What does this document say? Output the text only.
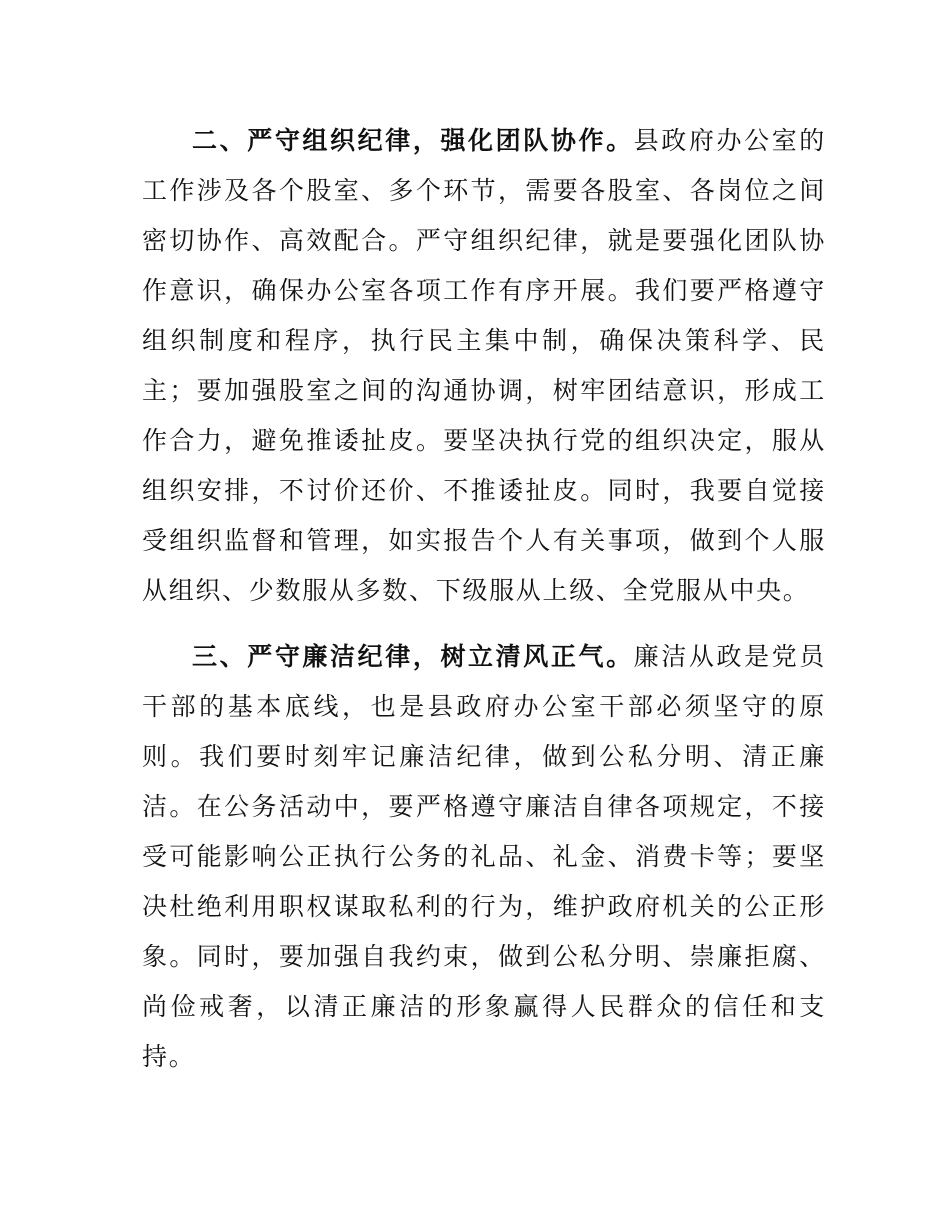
二、严守组织纪律，强化团队协作。县政府办公室的工作涉及各个股室、多个环节，需要各股室、各岗位之间密切协作、高效配合。严守组织纪律，就是要强化团队协作意识，确保办公室各项工作有序开展。我们要严格遵守组织制度和程序，执行民主集中制，确保决策科学、民主；要加强股室之间的沟通协调，树牢团结意识，形成工作合力，避免推诿扯皮。要坚决执行党的组织决定，服从组织安排，不讨价还价、不推诿扯皮。同时，我要自觉接受组织监督和管理，如实报告个人有关事项，做到个人服从组织、少数服从多数、下级服从上级、全党服从中央。

三、严守廉洁纪律，树立清风正气。廉洁从政是党员干部的基本底线，也是县政府办公室干部必须坚守的原则。我们要时刻牢记廉洁纪律，做到公私分明、清正廉洁。在公务活动中，要严格遵守廉洁自律各项规定，不接受可能影响公正执行公务的礼品、礼金、消费卡等；要坚决杜绝利用职权谋取私利的行为，维护政府机关的公正形象。同时，要加强自我约束，做到公私分明、崇廉拒腐、尚俭戒奢，以清正廉洁的形象赢得人民群众的信任和支持。
